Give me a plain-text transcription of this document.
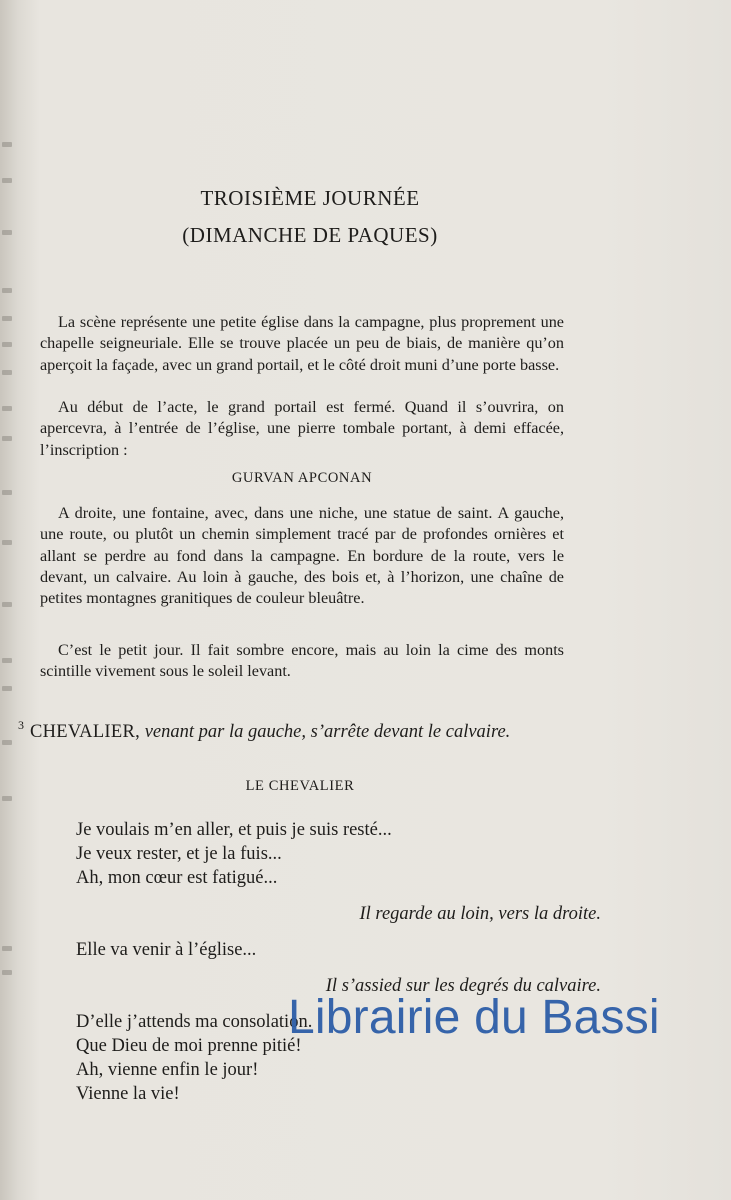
TROISIÈME JOURNÉE
(DIMANCHE DE PAQUES)

La scène représente une petite église dans la campagne, plus proprement une chapelle seigneuriale. Elle se trouve placée un peu de biais, de manière qu’on aperçoit la façade, avec un grand portail, et le côté droit muni d’une porte basse.

Au début de l’acte, le grand portail est fermé. Quand il s’ouvrira, on apercevra, à l’entrée de l’église, une pierre tombale portant, à demi effacée, l’inscription :

GURVAN APCONAN

A droite, une fontaine, avec, dans une niche, une statue de saint. A gauche, une route, ou plutôt un chemin simplement tracé par de profondes ornières et allant se perdre au fond dans la campagne. En bordure de la route, vers le devant, un calvaire. Au loin à gauche, des bois et, à l’horizon, une chaîne de petites montagnes granitiques de couleur bleuâtre.

C’est le petit jour. Il fait sombre encore, mais au loin la cime des monts scintille vivement sous le soleil levant.

3 CHEVALIER, venant par la gauche, s’arrête devant le calvaire.
LE CHEVALIER
Je voulais m’en aller, et puis je suis resté...
Je veux rester, et je la fuis...
Ah, mon cœur est fatigué...
Il regarde au loin, vers la droite.
Elle va venir à l’église...
Il s’assied sur les degrés du calvaire.
D’elle j’attends ma consolation.
Que Dieu de moi prenne pitié!
Ah, vienne enfin le jour!
Vienne la vie!
Librairie du Bassi
